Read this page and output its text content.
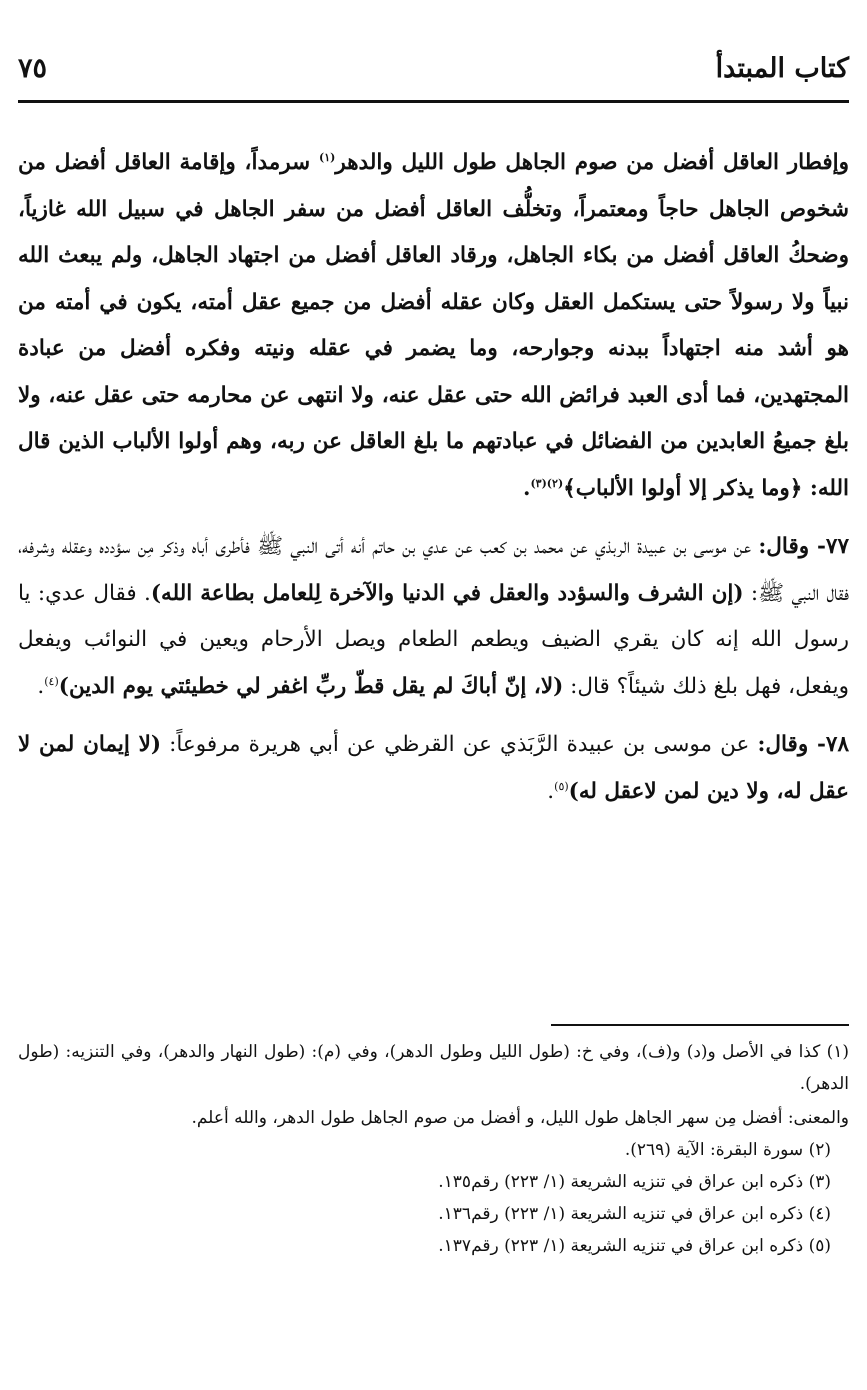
كتاب المبتدأ
٧٥

وإفطار العاقل أفضل من صوم الجاهل طول الليل والدهر$^{(١)}$ سرمداً، وإقامة العاقل أفضل من شخوص الجاهل حاجاً ومعتمراً، وتخلُّف العاقل أفضل من سفر الجاهل في سبيل الله غازياً، وضحكُ العاقل أفضل من بكاء الجاهل، ورقاد العاقل أفضل من اجتهاد الجاهل، ولم يبعث الله نبياً ولا رسولاً حتى يستكمل العقل وكان عقله أفضل من جميع عقل أمته، يكون في أمته من هو أشد منه اجتهاداً ببدنه وجوارحه، وما يضمر في عقله ونيته وفكره أفضل من عبادة المجتهدين، فما أدى العبد فرائض الله حتى عقل عنه، ولا انتهى عن محارمه حتى عقل عنه، ولا بلغ جميعُ العابدين من الفضائل في عبادتهم ما بلغ العاقل عن ربه، وهم أولوا الألباب الذين قال الله: ﴿وما يذكر إلا أولوا الألباب﴾$^{(٢)(٣)}$.

٧٧- وقال: عن موسى بن عبيدة الربذي عن محمد بن كعب عن عدي بن حاتم أنه أتى النبي ﷺ فأطرى أباه وذكر مِن سؤدده وعقله وشرفه، فقال النبي ﷺ: (إن الشرف والسؤدد والعقل في الدنيا والآخرة لِلعامل بطاعة الله). فقال عدي: يا رسول الله إنه كان يقري الضيف ويطعم الطعام ويصل الأرحام ويعين في النوائب ويفعل ويفعل، فهل بلغ ذلك شيئاً؟ قال: (لا، إنّ أباكَ لم يقل قطّ ربِّ اغفر لي خطيئتي يوم الدين)$^{(٤)}$.

٧٨- وقال: عن موسى بن عبيدة الرَّبَذي عن القرظي عن أبي هريرة مرفوعاً: (لا إيمان لمن لا عقل له، ولا دين لمن لاعقل له)$^{(٥)}$.

(١) كذا في الأصل و(د) و(ف)، وفي خ: (طول الليل وطول الدهر)، وفي (م): (طول النهار والدهر)، وفي التنزيه: (طول الدهر).

والمعنى: أفضل مِن سهر الجاهل طول الليل، و أفضل من صوم الجاهل طول الدهر، والله أعلم.

(٢) سورة البقرة: الآية (٢٦٩).

(٣) ذكره ابن عراق في تنزيه الشريعة (١/ ٢٢٣) رقم١٣٥.

(٤) ذكره ابن عراق في تنزيه الشريعة (١/ ٢٢٣) رقم١٣٦.

(٥) ذكره ابن عراق في تنزيه الشريعة (١/ ٢٢٣) رقم١٣٧.
